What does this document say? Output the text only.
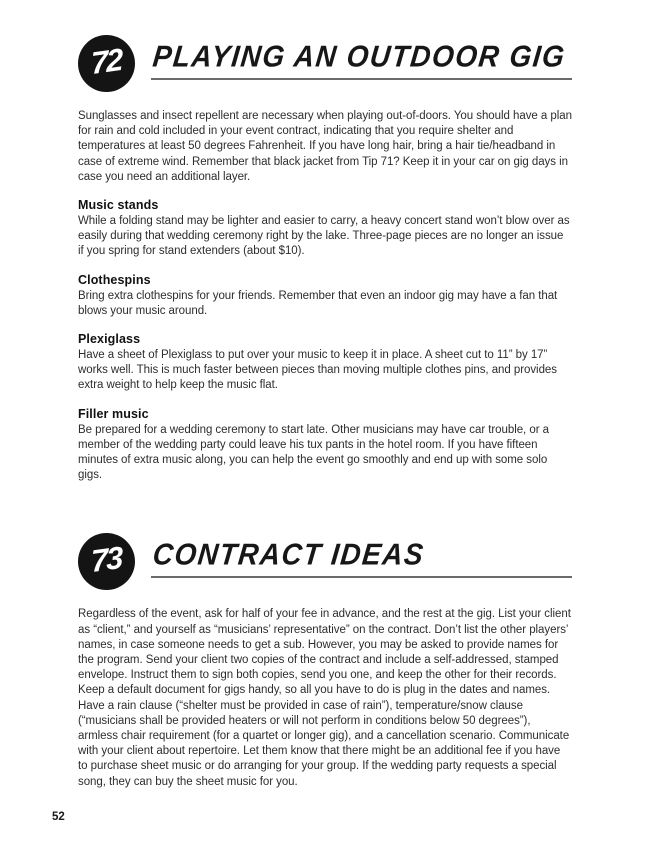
72 PLAYING AN OUTDOOR GIG

Sunglasses and insect repellent are necessary when playing out-of-doors. You should have a plan for rain and cold included in your event contract, indicating that you require shelter and temperatures at least 50 degrees Fahrenheit. If you have long hair, bring a hair tie/headband in case of extreme wind. Remember that black jacket from Tip 71? Keep it in your car on gig days in case you need an additional layer.

Music stands

While a folding stand may be lighter and easier to carry, a heavy concert stand won’t blow over as easily during that wedding ceremony right by the lake. Three-page pieces are no longer an issue if you spring for stand extenders (about $10).

Clothespins

Bring extra clothespins for your friends. Remember that even an indoor gig may have a fan that blows your music around.

Plexiglass

Have a sheet of Plexiglass to put over your music to keep it in place. A sheet cut to 11” by 17” works well. This is much faster between pieces than moving multiple clothes pins, and provides extra weight to help keep the music flat.

Filler music

Be prepared for a wedding ceremony to start late. Other musicians may have car trouble, or a member of the wedding party could leave his tux pants in the hotel room. If you have fifteen minutes of extra music along, you can help the event go smoothly and end up with some solo gigs.

73 CONTRACT IDEAS

Regardless of the event, ask for half of your fee in advance, and the rest at the gig. List your client as “client,” and yourself as “musicians’ representative” on the contract. Don’t list the other players’ names, in case someone needs to get a sub. However, you may be asked to provide names for the program. Send your client two copies of the contract and include a self-addressed, stamped envelope. Instruct them to sign both copies, send you one, and keep the other for their records. Keep a default document for gigs handy, so all you have to do is plug in the dates and names. Have a rain clause (“shelter must be provided in case of rain”), temperature/snow clause (“musicians shall be provided heaters or will not perform in conditions below 50 degrees”), armless chair requirement (for a quartet or longer gig), and a cancellation scenario. Communicate with your client about repertoire. Let them know that there might be an additional fee if you have to purchase sheet music or do arranging for your group. If the wedding party requests a special song, they can buy the sheet music for you.

52
